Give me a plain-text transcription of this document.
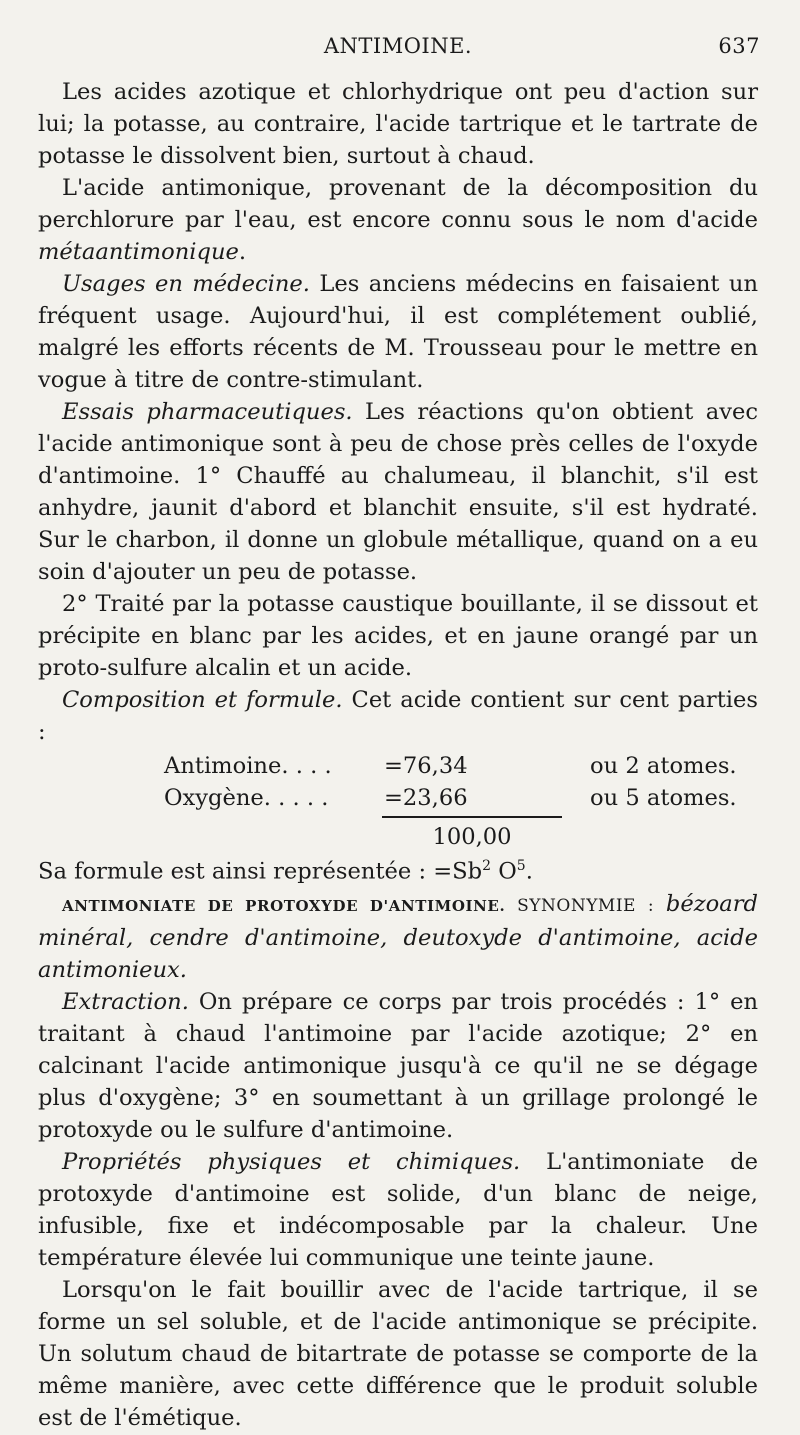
ANTIMOINE.	637

Les acides azotique et chlorhydrique ont peu d'action sur lui; la potasse, au contraire, l'acide tartrique et le tartrate de potasse le dissolvent bien, surtout à chaud.

L'acide antimonique, provenant de la décomposition du perchlorure par l'eau, est encore connu sous le nom d'acide métaantimonique.

Usages en médecine. Les anciens médecins en faisaient un fréquent usage. Aujourd'hui, il est complétement oublié, malgré les efforts récents de M. Trousseau pour le mettre en vogue à titre de contre-stimulant.

Essais pharmaceutiques. Les réactions qu'on obtient avec l'acide antimonique sont à peu de chose près celles de l'oxyde d'antimoine. 1° Chauffé au chalumeau, il blanchit, s'il est anhydre, jaunit d'abord et blanchit ensuite, s'il est hydraté. Sur le charbon, il donne un globule métallique, quand on a eu soin d'ajouter un peu de potasse.

2° Traité par la potasse caustique bouillante, il se dissout et précipite en blanc par les acides, et en jaune orangé par un proto-sulfure alcalin et un acide.

Composition et formule. Cet acide contient sur cent parties :

Antimoine. . . .	=76,34	ou 2 atomes.
Oxygène. . . . .	=23,66	ou 5 atomes.
100,00

Sa formule est ainsi représentée : $=Sb^2$ $O^5$.

ANTIMONIATE DE PROTOXYDE D'ANTIMOINE. SYNONYMIE : bézoard minéral, cendre d'antimoine, deutoxyde d'antimoine, acide antimonieux.

Extraction. On prépare ce corps par trois procédés : 1° en traitant à chaud l'antimoine par l'acide azotique; 2° en calcinant l'acide antimonique jusqu'à ce qu'il ne se dégage plus d'oxygène; 3° en soumettant à un grillage prolongé le protoxyde ou le sulfure d'antimoine.

Propriétés physiques et chimiques. L'antimoniate de protoxyde d'antimoine est solide, d'un blanc de neige, infusible, fixe et indécomposable par la chaleur. Une température élevée lui communique une teinte jaune.

Lorsqu'on le fait bouillir avec de l'acide tartrique, il se forme un sel soluble, et de l'acide antimonique se précipite. Un solutum chaud de bitartrate de potasse se comporte de la même manière, avec cette différence que le produit soluble est de l'émétique.
